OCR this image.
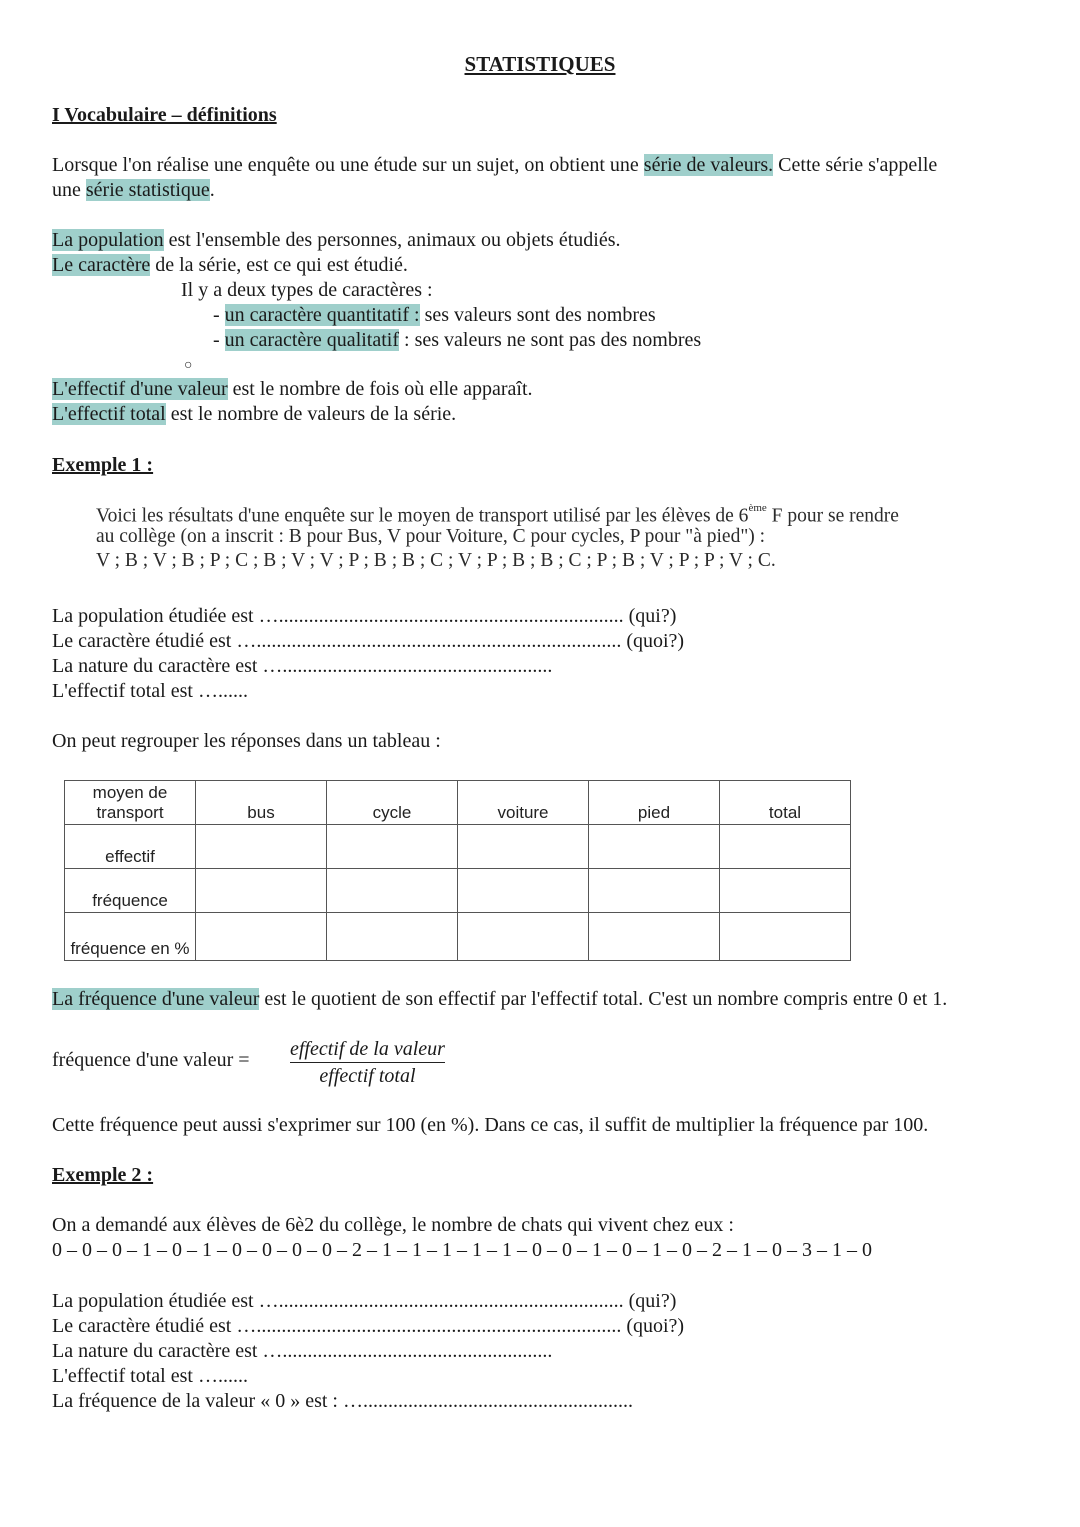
STATISTIQUES
I Vocabulaire – définitions
Lorsque l'on réalise une enquête ou une étude sur un sujet, on obtient une série de valeurs. Cette série s'appelle
une série statistique.
La population est l'ensemble des personnes, animaux ou objets étudiés.
Le caractère de la série, est ce qui est étudié.
Il y a deux types de caractères :
- un caractère quantitatif : ses valeurs sont des nombres
- un caractère qualitatif : ses valeurs ne sont pas des nombres
○
L'effectif d'une valeur est le nombre de fois où elle apparaît.
L'effectif total est le nombre de valeurs de la série.
Exemple 1 :
Voici les résultats d'une enquête sur le moyen de transport utilisé par les élèves de 6ème F pour se rendre
au collège (on a inscrit : B pour Bus, V pour Voiture, C pour cycles, P pour "à pied") :
V ; B ; V ; B ; P ; C ; B ; V ; V ; P ; B ; B ; C ; V ; P ; B ; B ; C ; P ; B ; V ; P ; P ; V ; C.
La population étudiée est …..................................................................... (qui?)
Le caractère étudié est …......................................................................... (quoi?)
La nature du caractère est …......................................................
L'effectif total est …......
On peut regrouper les réponses dans un tableau :
moyen de transport	bus	cycle	voiture	pied	total
effectif					
fréquence					
fréquence en %					
La fréquence d'une valeur est le quotient de son effectif par l'effectif total. C'est un nombre compris entre 0 et 1.
fréquence d'une valeur = effectif de la valeur
effectif total
Cette fréquence peut aussi s'exprimer sur 100 (en %). Dans ce cas, il suffit de multiplier la fréquence par 100.
Exemple 2 :
On a demandé aux élèves de 6è2 du collège, le nombre de chats qui vivent chez eux :
0 – 0 – 0 – 1 – 0 – 1 – 0 – 0 – 0 – 0 – 2 – 1 – 1 – 1 – 1 – 1 – 0 – 0 – 1 – 0 – 1 – 0 – 2 – 1 – 0 – 3 – 1 – 0
La population étudiée est …..................................................................... (qui?)
Le caractère étudié est …......................................................................... (quoi?)
La nature du caractère est …......................................................
L'effectif total est …......
La fréquence de la valeur « 0 » est : …......................................................
